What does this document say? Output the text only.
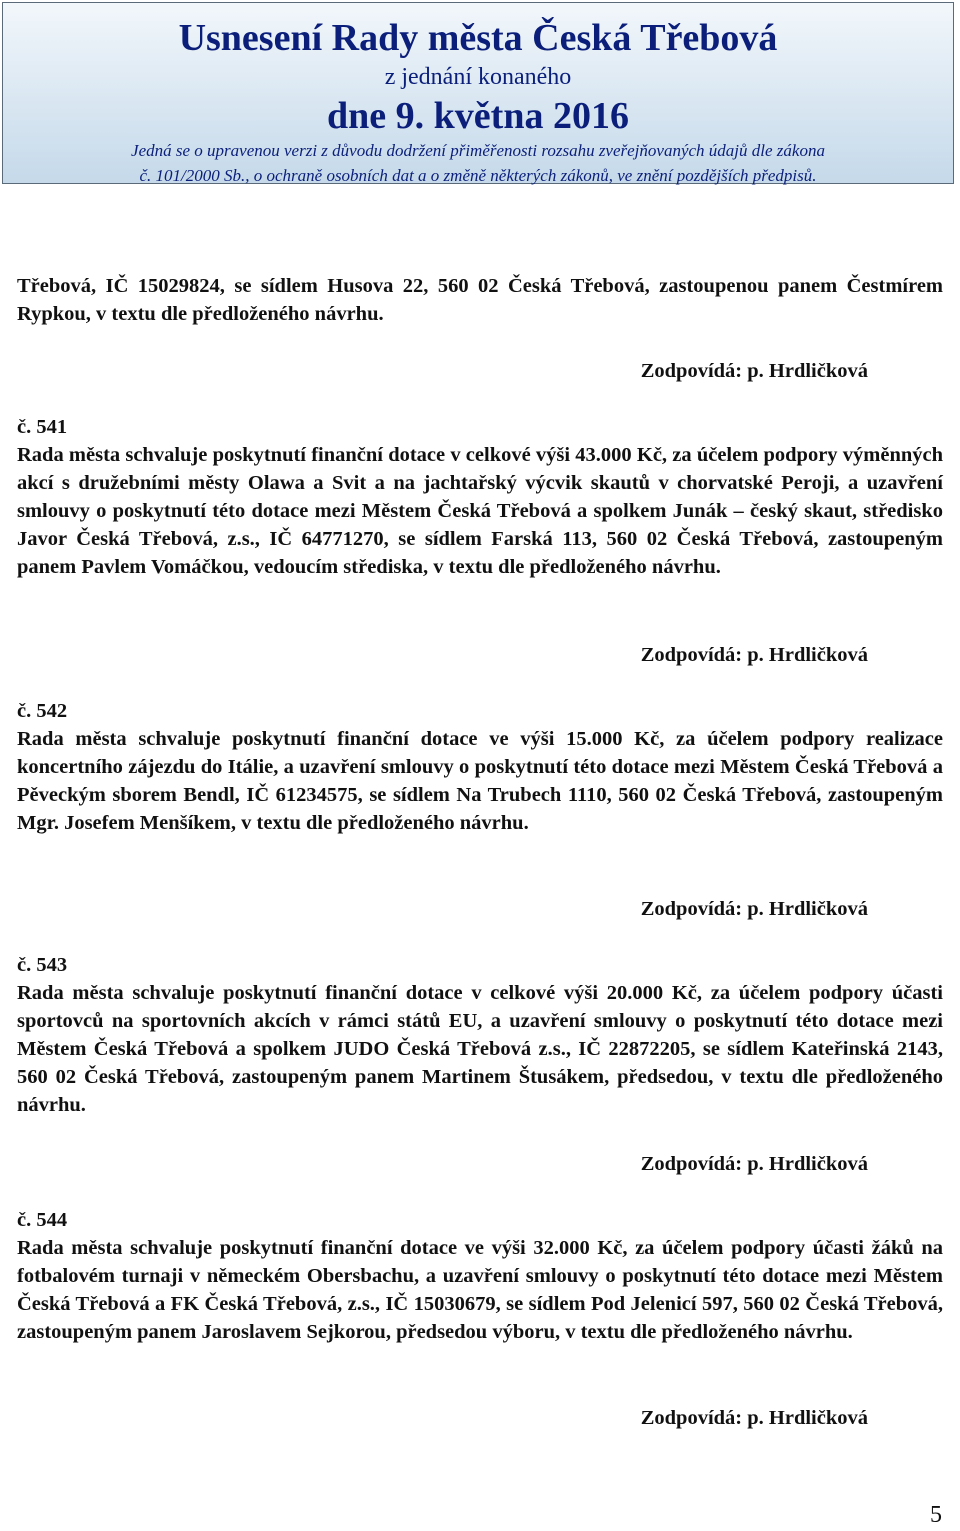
Usnesení Rady města Česká Třebová
z jednání konaného
dne 9. května 2016
Jedná se o upravenou verzi z důvodu dodržení přiměřenosti rozsahu zveřejňovaných údajů dle zákona
č. 101/2000 Sb., o ochraně osobních dat a o změně některých zákonů, ve znění pozdějších předpisů.
Třebová, IČ 15029824, se sídlem Husova 22, 560 02 Česká Třebová, zastoupenou panem Čestmírem Rypkou, v textu dle předloženého návrhu.
Zodpovídá: p. Hrdličková
č. 541
Rada města schvaluje poskytnutí finanční dotace v celkové výši 43.000 Kč, za účelem podpory výměnných akcí s družebními městy Olawa a Svit a na jachtařský výcvik skautů v chorvatské Peroji, a uzavření smlouvy o poskytnutí této dotace mezi Městem Česká Třebová a spolkem Junák – český skaut, středisko Javor Česká Třebová, z.s., IČ 64771270, se sídlem Farská 113, 560 02 Česká Třebová, zastoupeným panem Pavlem Vomáčkou, vedoucím střediska, v textu dle předloženého návrhu.
Zodpovídá: p. Hrdličková
č. 542
Rada města schvaluje poskytnutí finanční dotace ve výši 15.000 Kč, za účelem podpory realizace koncertního zájezdu do Itálie, a uzavření smlouvy o poskytnutí této dotace mezi Městem Česká Třebová a Pěveckým sborem Bendl, IČ 61234575, se sídlem Na Trubech 1110, 560 02 Česká Třebová, zastoupeným Mgr. Josefem Menšíkem, v textu dle předloženého návrhu.
Zodpovídá: p. Hrdličková
č. 543
Rada města schvaluje poskytnutí finanční dotace v celkové výši 20.000 Kč, za účelem podpory účasti sportovců na sportovních akcích v rámci států EU, a uzavření smlouvy o poskytnutí této dotace mezi Městem Česká Třebová a spolkem JUDO Česká Třebová z.s., IČ 22872205, se sídlem Kateřinská 2143, 560 02 Česká Třebová, zastoupeným panem Martinem Štusákem, předsedou, v textu dle předloženého návrhu.
Zodpovídá: p. Hrdličková
č. 544
Rada města schvaluje poskytnutí finanční dotace ve výši 32.000 Kč, za účelem podpory účasti žáků na fotbalovém turnaji v německém Obersbachu, a uzavření smlouvy o poskytnutí této dotace mezi Městem Česká Třebová a FK Česká Třebová, z.s., IČ 15030679, se sídlem Pod Jelenicí 597, 560 02 Česká Třebová, zastoupeným panem Jaroslavem Sejkorou, předsedou výboru, v textu dle předloženého návrhu.
Zodpovídá: p. Hrdličková
5
